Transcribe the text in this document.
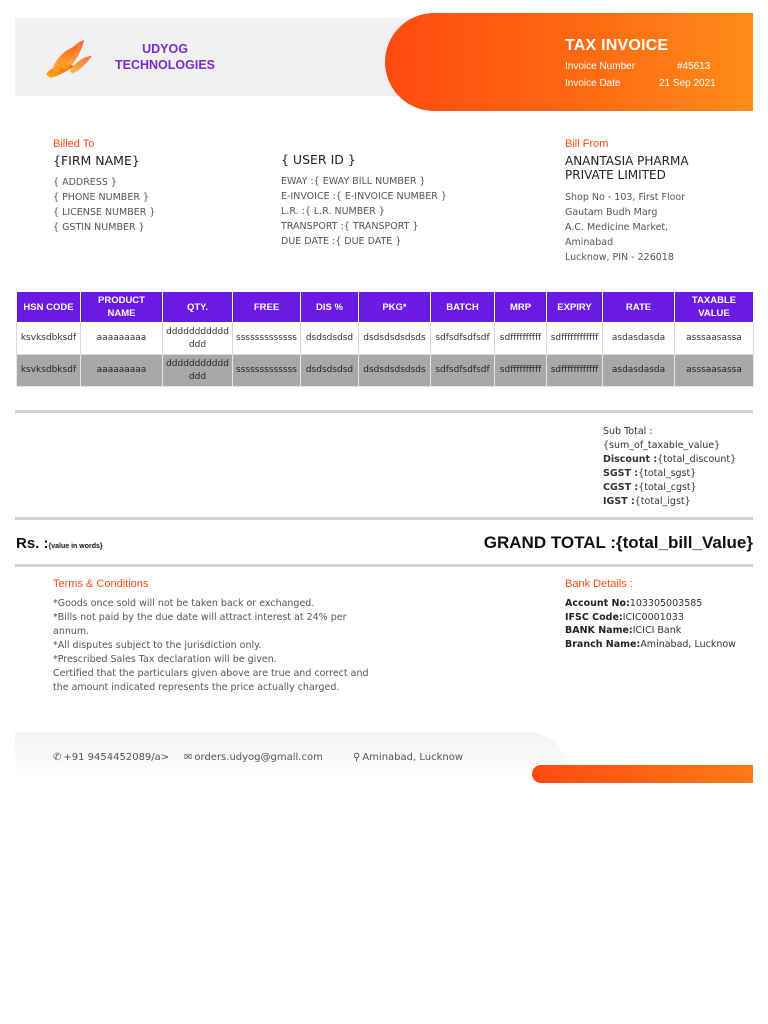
UDYOG
TECHNOLOGIES
TAX INVOICE
Invoice Number	#45613
Invoice Date	21 Sep 2021
Billed To
{FIRM NAME}
{ ADDRESS }
{ PHONE NUMBER }
{ LICENSE NUMBER }
{ GSTIN NUMBER }
{ USER ID }
EWAY :{ EWAY BILL NUMBER }
E-INVOICE :{ E-INVOICE NUMBER }
L.R. :{ L.R. NUMBER }
TRANSPORT :{ TRANSPORT }
DUE DATE :{ DUE DATE }
Bill From
ANANTASIA PHARMA PRIVATE LIMITED
Shop No - 103, First Floor
Gautam Budh Marg
A.C. Medicine Market,
Aminabad
Lucknow, PIN - 226018
HSN CODE	PRODUCT NAME	QTY.	FREE	DIS %	PKG*	BATCH	MRP	EXPIRY	RATE	TAXABLE VALUE
ksvksdbksdf	aaaaaaaaa	dddddddddddddd	sssssssssssss	dsdsdsdsd	dsdsdsdsdsds	sdfsdfsdfsdf	sdffffffffff	sdffffffffffff	asdasdasda	asssaasassa
ksvksdbksdf	aaaaaaaaa	dddddddddddddd	sssssssssssss	dsdsdsdsd	dsdsdsdsdsds	sdfsdfsdfsdf	sdffffffffff	sdffffffffffff	asdasdasda	asssaasassa
Sub Total :
{sum_of_taxable_value}
Discount :{total_discount}
SGST :{total_sgst}
CGST :{total_cgst}
IGST :{total_igst}
Rs. :{value in words}	GRAND TOTAL :{total_bill_Value}
Terms & Conditions
*Goods once sold will not be taken back or exchanged.
*Bills not paid by the due date will attract interest at 24% per annum.
*All disputes subject to the jurisdiction only.
*Prescribed Sales Tax declaration will be given.
Certified that the particulars given above are true and correct and the amount indicated represents the price actually charged.
Bank Details :
Account No:103305003585
IFSC Code:ICIC0001033
BANK Name:ICICI Bank
Branch Name:Aminabad, Lucknow
✆ +91 9454452089/a> ✉ orders.udyog@gmail.com	⚲ Aminabad, Lucknow
